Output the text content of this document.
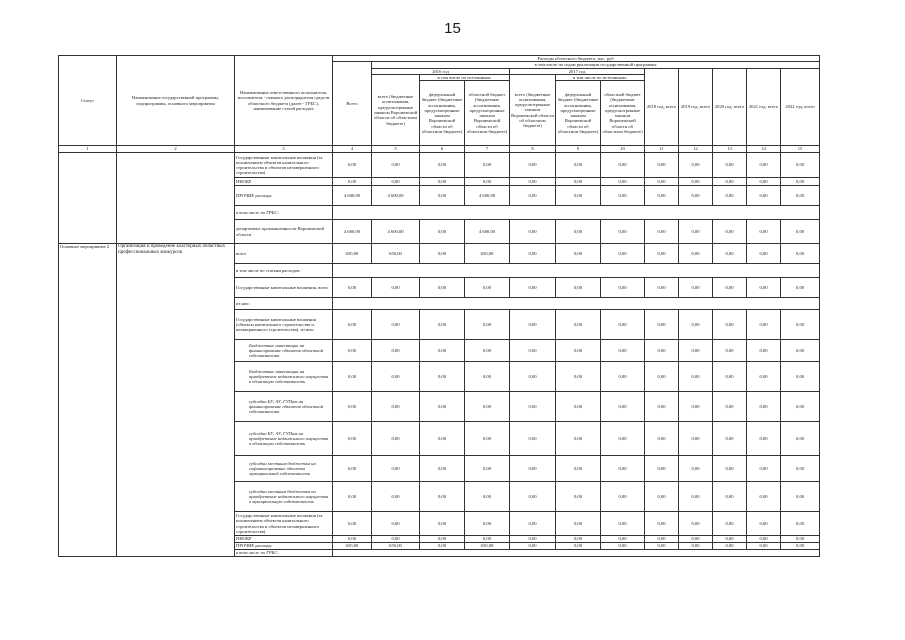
15
Статус	Наименование государственной программы, подпрограммы, основного мероприятия	Наименование ответственного исполнителя, исполнителя - главного распорядителя средств областного бюджета (далее - ГРБС), наименование статей расходов	Расходы областного бюджета, тыс. руб.											
			Всего	в том числе по годам реализации государственной программы										
				2016 год			2017 год			2018 год, всего	2019 год, всего	2020 год, всего	2021 год, всего	2022 год, всего
				всего (бюджетные ассигнования, предусмотренные законом Воронежской области об областном бюджете)	в том числе по источникам:		всего (бюджетные ассигнования, предусмотренные законом Воронежской области об областном бюджете)	в том числе по источникам:						
					федеральный бюджет (бюджетные ассигнования, предусмотренные законом Воронежской области об областном бюджете)	областной бюджет (бюджетные ассигнования, предусмотренные законом Воронежской области об областном бюджете)		федеральный бюджет (бюджетные ассигнования, предусмотренные законом Воронежской области об областном бюджете)	областной бюджет (бюджетные ассигнования, предусмотренные законом Воронежской области об областном бюджете)					
1	2	3	4	5	6	7	8	9	10	11	12	13	14	15
		Государственные капитальные вложения (за исключением объектов капитального строительства и объектов незавершенного строительства)	0,00	0,00	0,00	0,00	0,00	0,00	0,00	0,00	0,00	0,00	0,00	0,00
		НИОКР	0,00	0,00	0,00	0,00	0,00	0,00	0,00	0,00	0,00	0,00	0,00	0,00
		ПРОЧИЕ расходы	4 600,00	4 600,00	0,00	4 600,00	0,00	0,00	0,00	0,00	0,00	0,00	0,00	0,00
		в том числе по ГРБС:												
		департамент промышленности Воронежской области	4 600,00	4 600,00	0,00	4 600,00	0,00	0,00	0,00	0,00	0,00	0,00	0,00	0,00
Основное мероприятие 2	Организация и проведение кластерных областных профессиональных конкурсов	всего	650,00	650,00	0,00	650,00	0,00	0,00	0,00	0,00	0,00	0,00	0,00	0,00
		в том числе по статьям расходов:												
		Государственные капитальные вложения, всего	0,00	0,00	0,00	0,00	0,00	0,00	0,00	0,00	0,00	0,00	0,00	0,00
		из них:												
		Государственные капитальные вложения (объекты капитального строительства и незавершенного строительства), из них:	0,00	0,00	0,00	0,00	0,00	0,00	0,00	0,00	0,00	0,00	0,00	0,00
		Бюджетные инвестиции на финансирование объектов областной собственности	0,00	0,00	0,00	0,00	0,00	0,00	0,00	0,00	0,00	0,00	0,00	0,00
		Бюджетные инвестиции на приобретение недвижимого имущества в областную собственность	0,00	0,00	0,00	0,00	0,00	0,00	0,00	0,00	0,00	0,00	0,00	0,00
		субсидии БУ, АУ, ГУПам на финансирование объектов областной собственности	0,00	0,00	0,00	0,00	0,00	0,00	0,00	0,00	0,00	0,00	0,00	0,00
		субсидии БУ, АУ, ГУПам на приобретение недвижимого имущества в областную собственность	0,00	0,00	0,00	0,00	0,00	0,00	0,00	0,00	0,00	0,00	0,00	0,00
		субсидии местным бюджетам на софинансирование объектов муниципальной собственности	0,00	0,00	0,00	0,00	0,00	0,00	0,00	0,00	0,00	0,00	0,00	0,00
		субсидии местным бюджетам на приобретение недвижимого имущества в муниципальную собственность	0,00	0,00	0,00	0,00	0,00	0,00	0,00	0,00	0,00	0,00	0,00	0,00
		Государственные капитальные вложения (за исключением объектов капитального строительства и объектов незавершенного строительства)	0,00	0,00	0,00	0,00	0,00	0,00	0,00	0,00	0,00	0,00	0,00	0,00
		НИОКР	0,00	0,00	0,00	0,00	0,00	0,00	0,00	0,00	0,00	0,00	0,00	0,00
		ПРОЧИЕ расходы	650,00	650,00	0,00	650,00	0,00	0,00	0,00	0,00	0,00	0,00	0,00	0,00
		в том числе по ГРБС:												
